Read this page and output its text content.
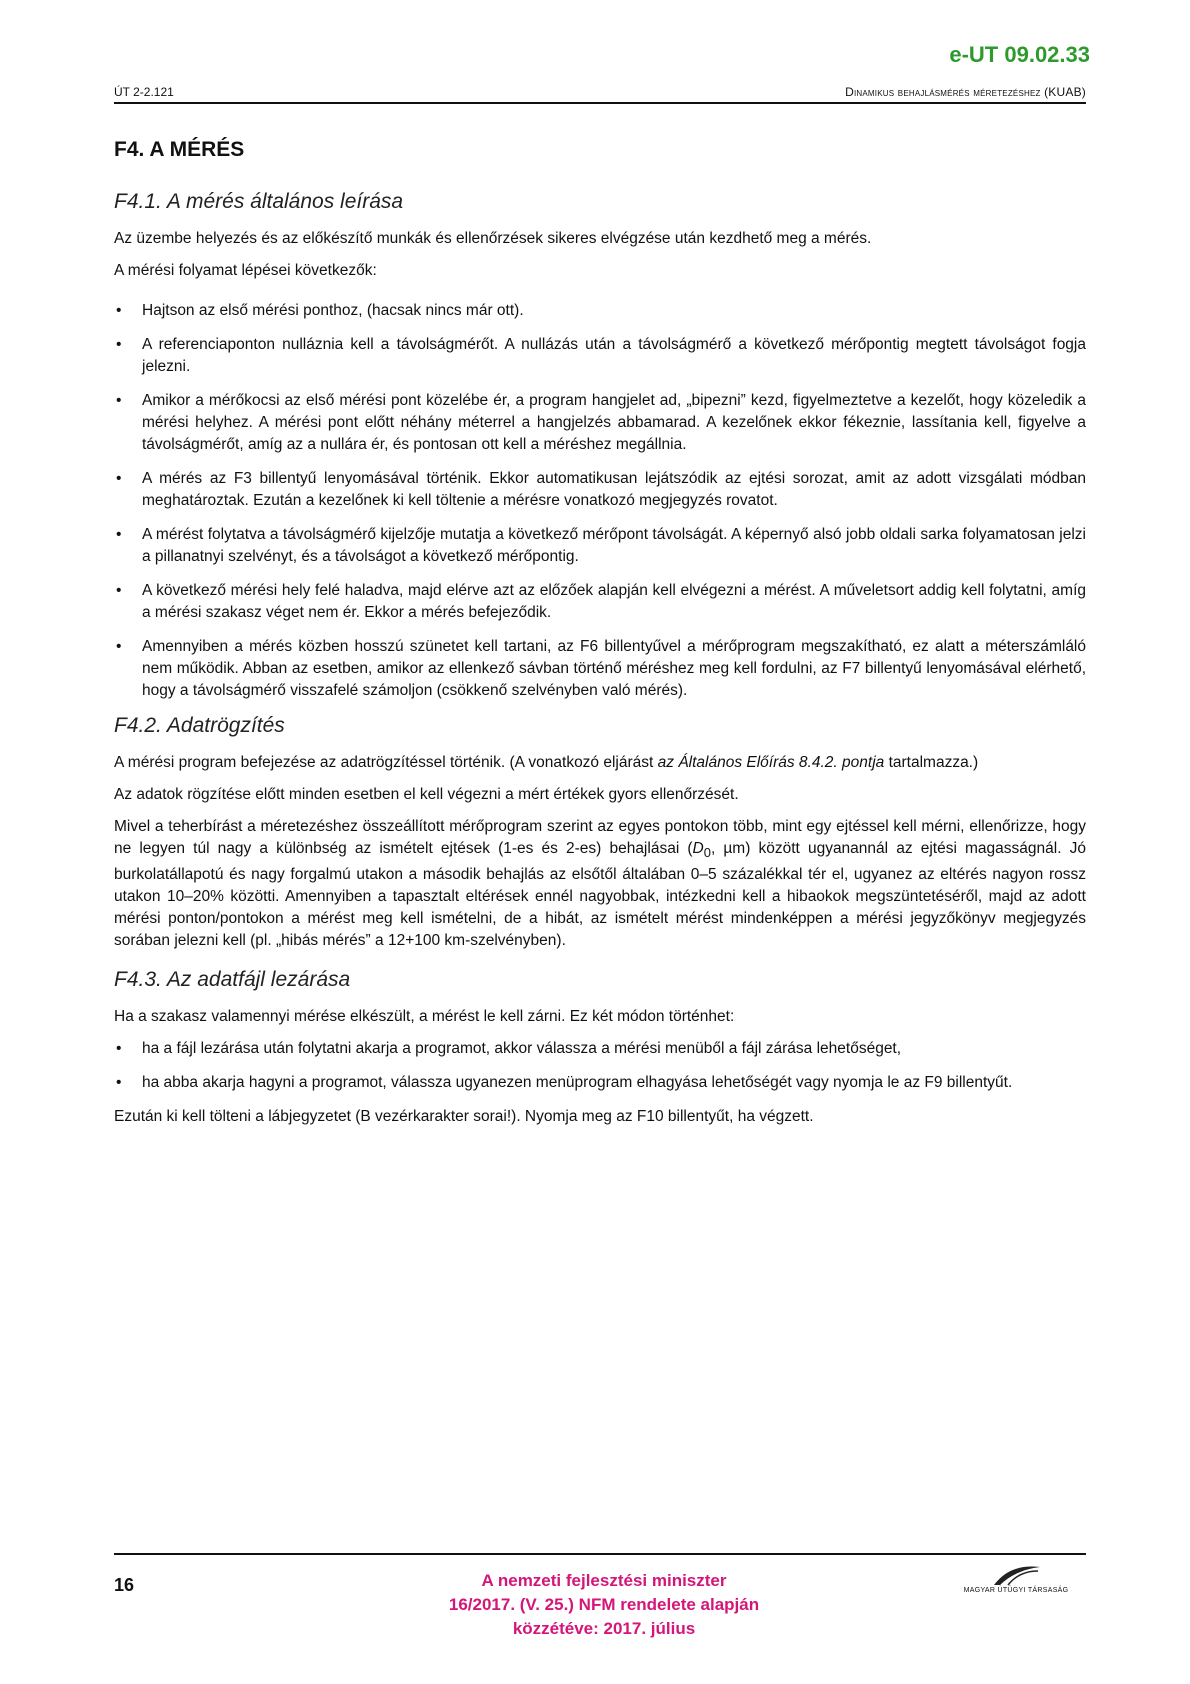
e-UT 09.02.33
ÚT 2-2.121	Dinamikus behajlásmérés méretezéshez (KUAB)
F4. A MÉRÉS
F4.1. A mérés általános leírása

Az üzembe helyezés és az előkészítő munkák és ellenőrzések sikeres elvégzése után kezdhető meg a mérés.

A mérési folyamat lépései következők:

• Hajtson az első mérési ponthoz, (hacsak nincs már ott).
• A referenciaponton nulláznia kell a távolságmérőt. A nullázás után a távolságmérő a következő mérőpontig megtett távolságot fogja jelezni.
• Amikor a mérőkocsi az első mérési pont közelébe ér, a program hangjelet ad, „bipezni” kezd, figyelmeztetve a kezelőt, hogy közeledik a mérési helyhez. A mérési pont előtt néhány méterrel a hangjelzés abbamarad. A kezelőnek ekkor fékeznie, lassítania kell, figyelve a távolságmérőt, amíg az a nullára ér, és pontosan ott kell a méréshez megállnia.
• A mérés az F3 billentyű lenyomásával történik. Ekkor automatikusan lejátszódik az ejtési sorozat, amit az adott vizsgálati módban meghatároztak. Ezután a kezelőnek ki kell töltenie a mérésre vonatkozó megjegyzés rovatot.
• A mérést folytatva a távolságmérő kijelzője mutatja a következő mérőpont távolságát. A képernyő alsó jobb oldali sarka folyamatosan jelzi a pillanatnyi szelvényt, és a távolságot a következő mérőpontig.
• A következő mérési hely felé haladva, majd elérve azt az előzőek alapján kell elvégezni a mérést. A műveletsort addig kell folytatni, amíg a mérési szakasz véget nem ér. Ekkor a mérés befejeződik.
• Amennyiben a mérés közben hosszú szünetet kell tartani, az F6 billentyűvel a mérőprogram megszakítható, ez alatt a méterszámláló nem működik. Abban az esetben, amikor az ellenkező sávban történő méréshez meg kell fordulni, az F7 billentyű lenyomásával elérhető, hogy a távolságmérő visszafelé számoljon (csökkenő szelvényben való mérés).
F4.2. Adatrögzítés

A mérési program befejezése az adatrögzítéssel történik. (A vonatkozó eljárást az Általános Előírás 8.4.2. pontja tartalmazza.)

Az adatok rögzítése előtt minden esetben el kell végezni a mért értékek gyors ellenőrzését.

Mivel a teherbírást a méretezéshez összeállított mérőprogram szerint az egyes pontokon több, mint egy ejtéssel kell mérni, ellenőrizze, hogy ne legyen túl nagy a különbség az ismételt ejtések (1-es és 2-es) behajlásai ($D_0$, µm) között ugyanannál az ejtési magasságnál. Jó burkolatállapotú és nagy forgalmú utakon a második behajlás az elsőtől általában 0–5 százalékkal tér el, ugyanez az eltérés nagyon rossz utakon 10–20% közötti. Amennyiben a tapasztalt eltérések ennél nagyobbak, intézkedni kell a hibaokok megszüntetéséről, majd az adott mérési ponton/pontokon a mérést meg kell ismételni, de a hibát, az ismételt mérést mindenképpen a mérési jegyzőkönyv megjegyzés sorában jelezni kell (pl. „hibás mérés” a 12+100 km-szelvényben).

F4.3. Az adatfájl lezárása

Ha a szakasz valamennyi mérése elkészült, a mérést le kell zárni. Ez két módon történhet:

• ha a fájl lezárása után folytatni akarja a programot, akkor válassza a mérési menüből a fájl zárása lehetőséget,
• ha abba akarja hagyni a programot, válassza ugyanezen menüprogram elhagyása lehetőségét vagy nyomja le az F9 billentyűt.

Ezután ki kell tölteni a lábjegyzetet (B vezérkarakter sorai!). Nyomja meg az F10 billentyűt, ha végzett.

16	A nemzeti fejlesztési miniszter
16/2017. (V. 25.) NFM rendelete alapján
közzétéve: 2017. július
MAGYAR ÚTÜGYI TÁRSASÁG
